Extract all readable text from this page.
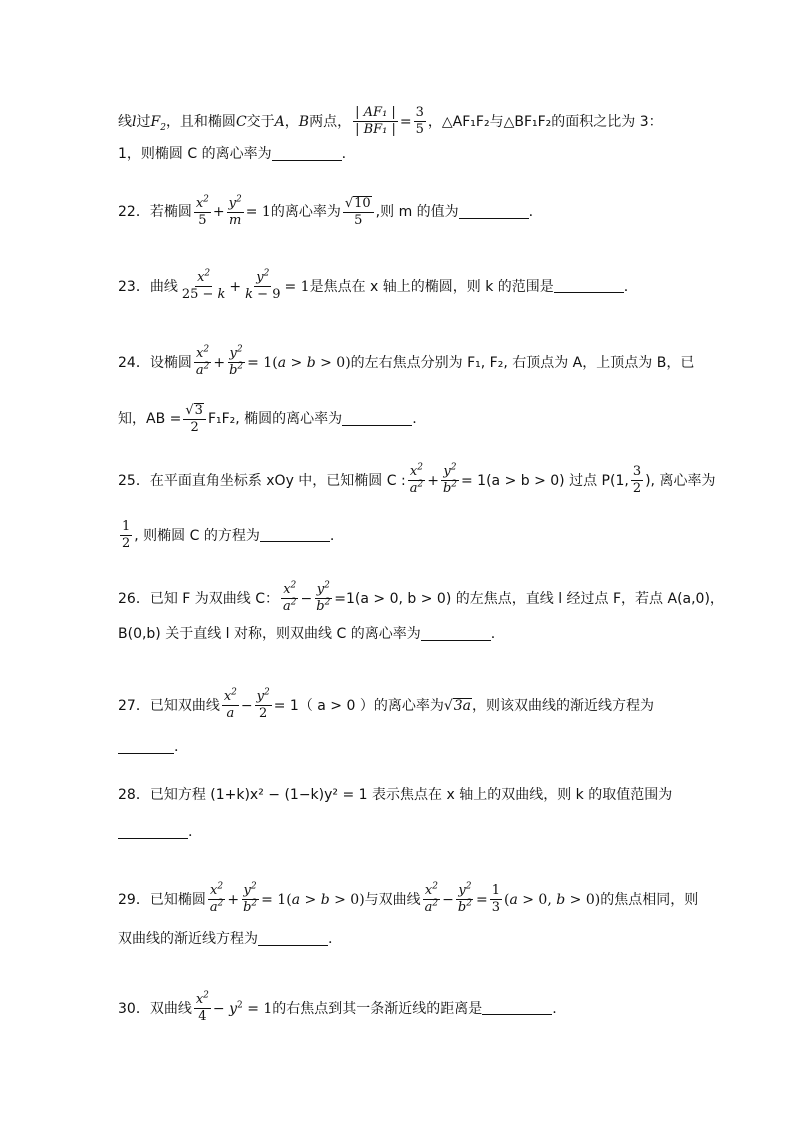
线 l 过 $F_2$ ，且和椭圆 C 交于 A ， B 两点， $\frac{\text{| AF₁ |}}{\text{| BF₁ |}} = \frac{3}{5}$ ，△AF₁F₂与△BF₁F₂的面积之比为 3：
1，则椭圆 C 的离心率为	.
22．若椭圆 $\frac{x^2}{5} + \frac{y^2}{m} = 1$ 的离心率为 $\frac{√ 10}{5}$ ,则 m 的值为	.
23．曲线 $\frac{x^2}{25 - k} + \frac{y^2}{k - 9} = 1$ 是焦点在 x 轴上的椭圆，则 k 的范围是	.
24．设椭圆 $\frac{x^2}{a^2} + \frac{y^2}{b^2} = 1(a > b > 0)$ 的左右焦点分别为 F₁, F₂, 右顶点为 A，上顶点为 B，已
知，AB = $\frac{√ 3}{2} F_1F_2$, 椭圆的离心率为	.
25．在平面直角坐标系 xOy 中，已知椭圆 C : $\frac{x^2}{a^2} + \frac{y^2}{b^2} = 1(a > b > 0)$ 过点 P(1, $\frac{3}{2}$ ), 离心率为
$\frac{1}{2}$ , 则椭圆 C 的方程为	.
26．已知 F 为双曲线 C： $\frac{x^2}{a^2} - \frac{y^2}{b^2} =1(a > 0$, b > 0) 的左焦点，直线 l 经过点 F，若点 A(a,0)，
B(0,b) 关于直线 l 对称，则双曲线 C 的离心率为	.
27．已知双曲线 $\frac{x^2}{a} - \frac{y^2}{2} = 1$（ a > 0 ）的离心率为 √ 3a ，则该双曲线的渐近线方程为
.
28．已知方程 (1+k)x² − (1−k)y² = 1 表示焦点在 x 轴上的双曲线，则 k 的取值范围为
.
29．已知椭圆 $\frac{x^2}{a^2} + \frac{y^2}{b^2} = 1(a > b > 0)$ 与双曲线 $\frac{x^2}{a^2} - \frac{y^2}{b^2} = \frac{1}{3} (a > 0$, b > 0) 的焦点相同，则
双曲线的渐近线方程为	.
30．双曲线 $\frac{x^2}{4} - y^2 = 1$ 的右焦点到其一条渐近线的距离是	.
